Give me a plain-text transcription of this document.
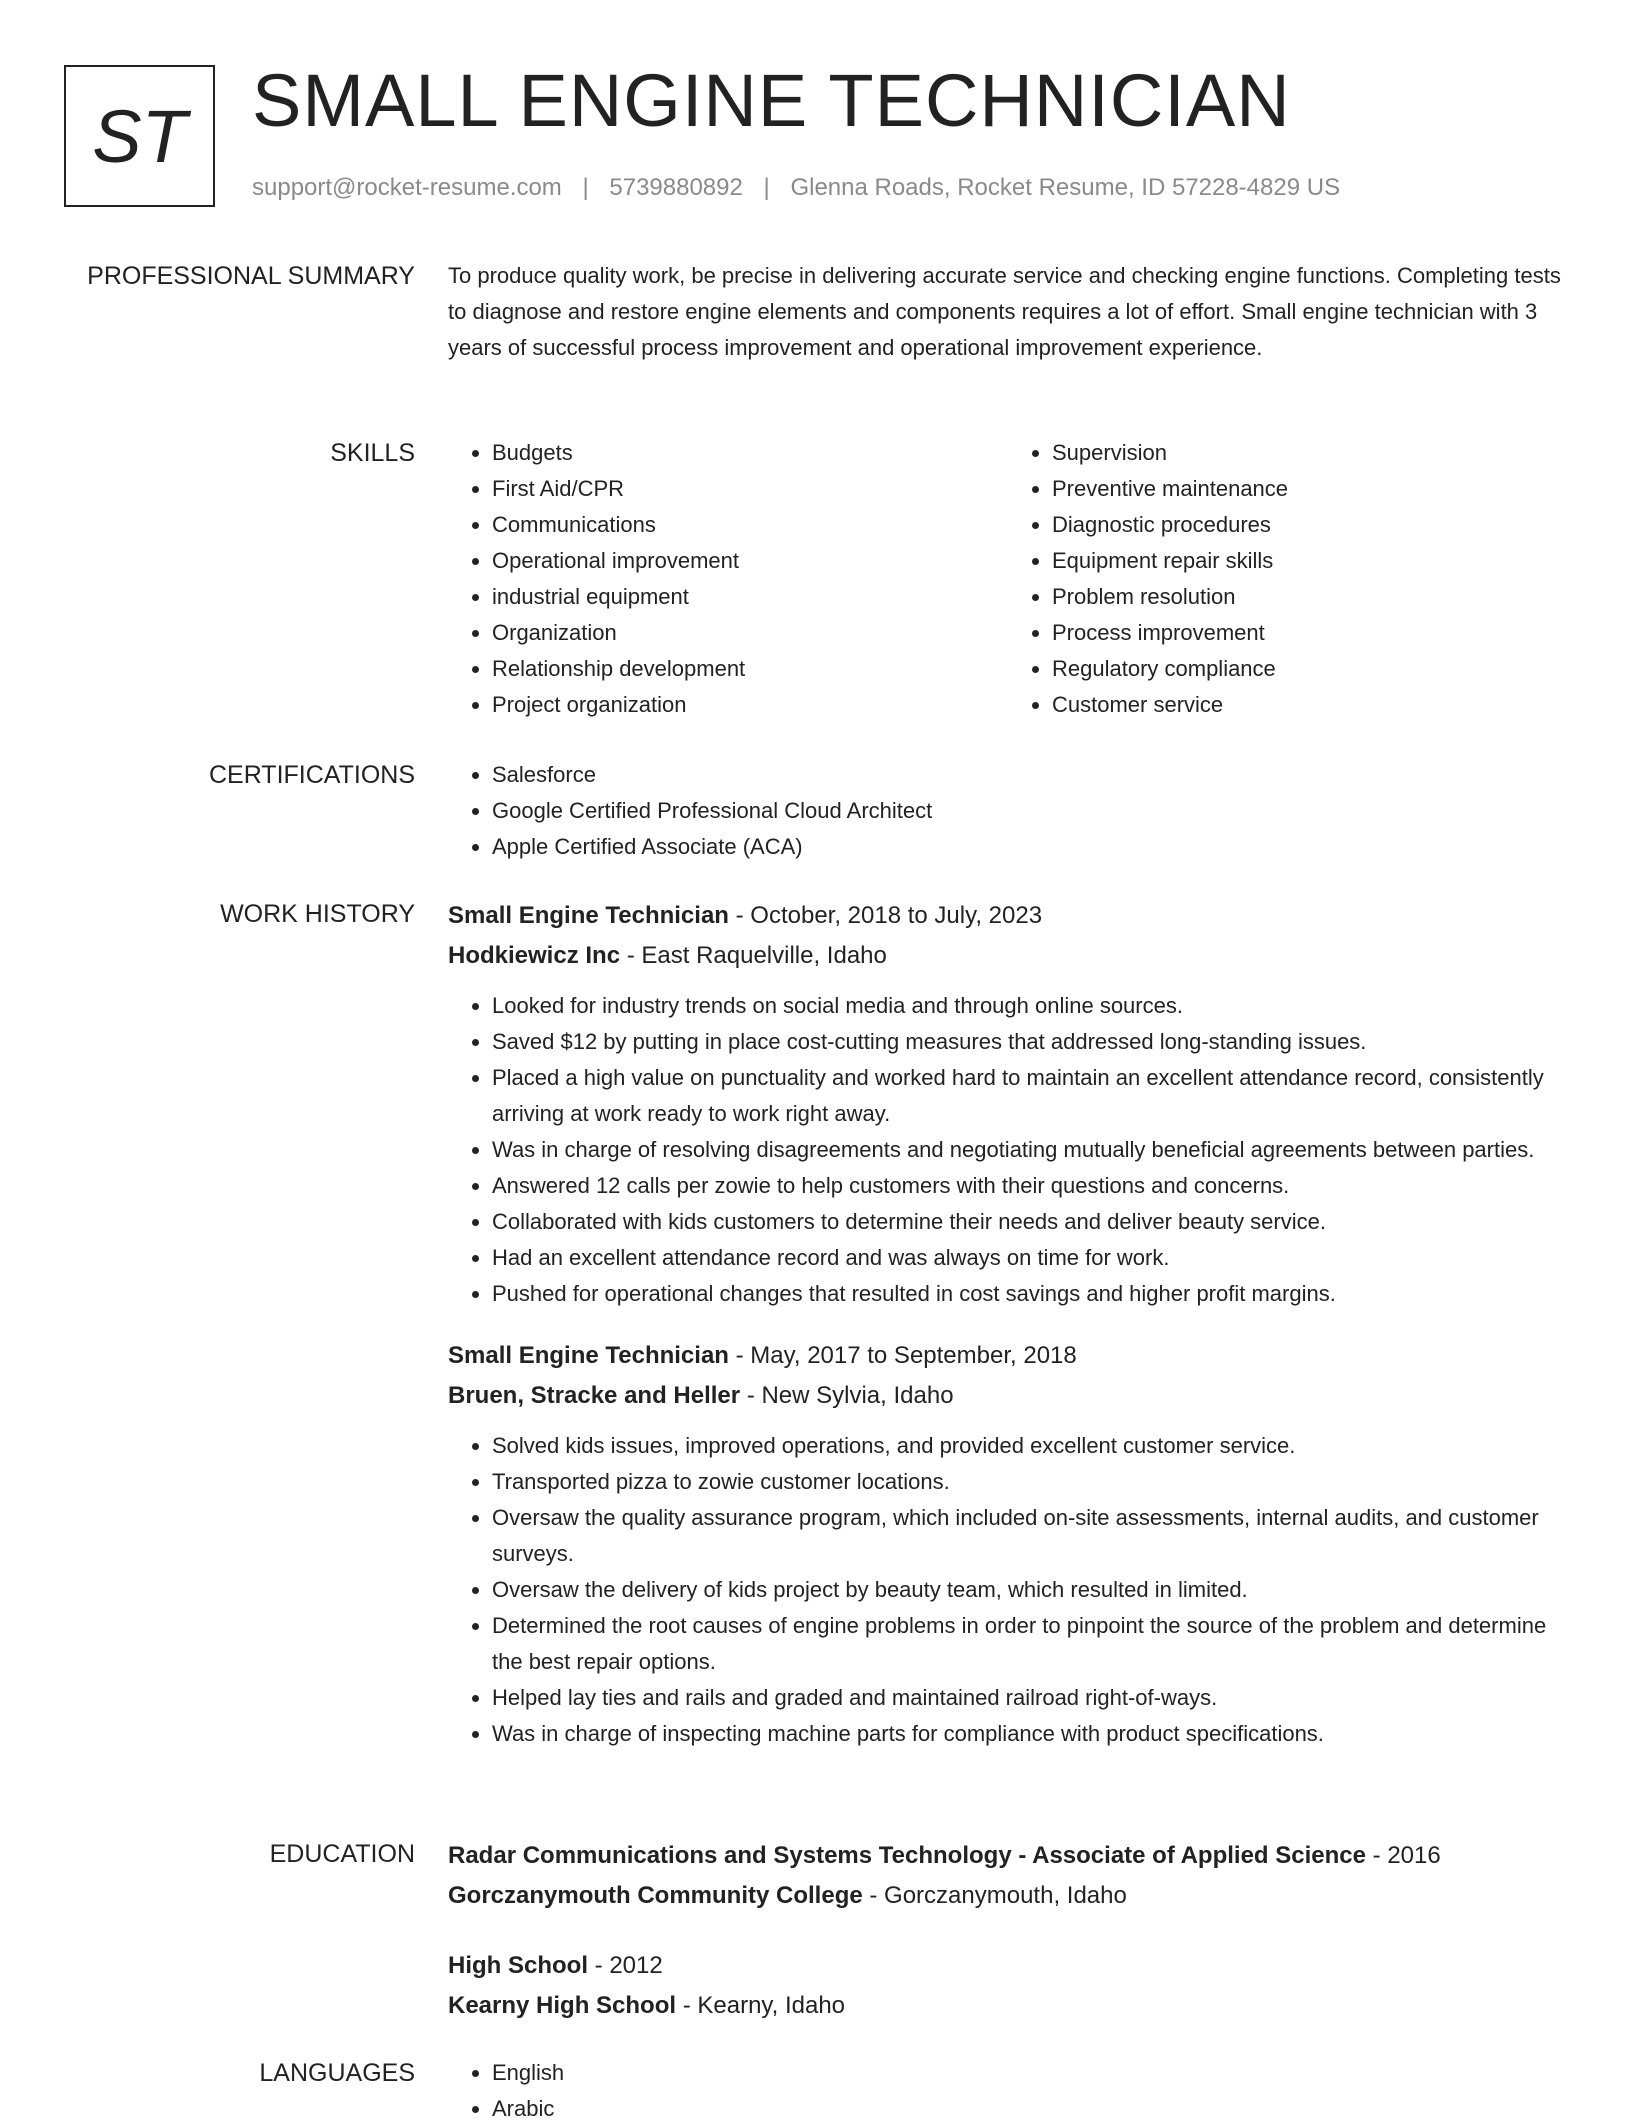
ST SMALL ENGINE TECHNICIAN
support@rocket-resume.com | 5739880892 | Glenna Roads, Rocket Resume, ID 57228-4829 US
PROFESSIONAL SUMMARY To produce quality work, be precise in delivering accurate service and checking engine functions. Completing tests to diagnose and restore engine elements and components requires a lot of effort. Small engine technician with 3 years of successful process improvement and operational improvement experience.

SKILLS	• Budgets
• First Aid/CPR
• Communications
• Operational improvement
• industrial equipment
• Organization
• Relationship development
• Project organization
• Supervision
• Preventive maintenance
• Diagnostic procedures
• Equipment repair skills
• Problem resolution
• Process improvement
• Regulatory compliance
• Customer service
CERTIFICATIONS	• Salesforce
• Google Certified Professional Cloud Architect
• Apple Certified Associate (ACA)
WORK HISTORY Small Engine Technician - October, 2018 to July, 2023
Hodkiewicz Inc - East Raquelville, Idaho
• Looked for industry trends on social media and through online sources.
• Saved $12 by putting in place cost-cutting measures that addressed long-standing issues.
• Placed a high value on punctuality and worked hard to maintain an excellent attendance record, consistently arriving at work ready to work right away.
• Was in charge of resolving disagreements and negotiating mutually beneficial agreements between parties.
• Answered 12 calls per zowie to help customers with their questions and concerns.
• Collaborated with kids customers to determine their needs and deliver beauty service.
• Had an excellent attendance record and was always on time for work.
• Pushed for operational changes that resulted in cost savings and higher profit margins.
Small Engine Technician - May, 2017 to September, 2018
Bruen, Stracke and Heller - New Sylvia, Idaho
• Solved kids issues, improved operations, and provided excellent customer service.
• Transported pizza to zowie customer locations.
• Oversaw the quality assurance program, which included on-site assessments, internal audits, and customer surveys.
• Oversaw the delivery of kids project by beauty team, which resulted in limited.
• Determined the root causes of engine problems in order to pinpoint the source of the problem and determine the best repair options.
• Helped lay ties and rails and graded and maintained railroad right-of-ways.
• Was in charge of inspecting machine parts for compliance with product specifications.
EDUCATION Radar Communications and Systems Technology - Associate of Applied Science - 2016
Gorczanymouth Community College - Gorczanymouth, Idaho
High School - 2012
Kearny High School - Kearny, Idaho
LANGUAGES	• English
• Arabic
